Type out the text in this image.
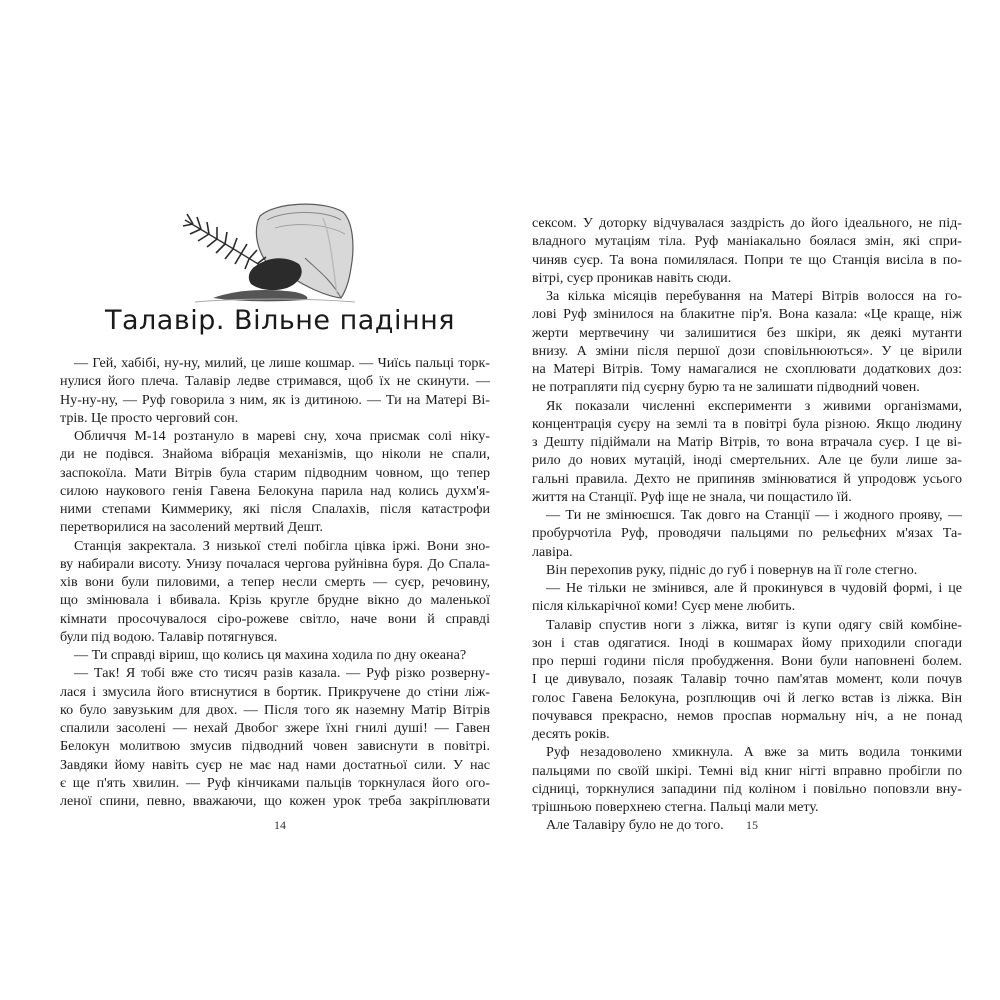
Талавір. Вільне падіння
— Гей, хабібі, ну-ну, милий, це лише кошмар. — Чиїсь пальці торк-
нулися його плеча. Талавір ледве стримався, щоб їх не скинути. —
Ну-ну-ну, — Руф говорила з ним, як із дитиною. — Ти на Матері Ві-
трів. Це просто черговий сон.
Обличчя М-14 розтануло в мареві сну, хоча присмак солі ніку-
ди не подівся. Знайома вібрація механізмів, що ніколи не спали,
заспокоїла. Мати Вітрів була старим підводним човном, що тепер
силою наукового генія Гавена Белокуна парила над колись духм'я-
ними степами Киммерику, які після Спалахів, після катастрофи
перетворилися на засолений мертвий Дешт.
Станція закректала. З низької стелі побігла цівка іржі. Вони зно-
ву набирали висоту. Унизу почалася чергова руйнівна буря. До Спала-
хів вони були пиловими, а тепер несли смерть — суєр, речовину,
що змінювала і вбивала. Крізь кругле брудне вікно до маленької
кімнати просочувалося сіро-рожеве світло, наче вони й справді
були під водою. Талавір потягнувся.
— Ти справді віриш, що колись ця махина ходила по дну океана?
— Так! Я тобі вже сто тисяч разів казала. — Руф різко розверну-
лася і змусила його втиснутися в бортик. Прикручене до стіни ліж-
ко було завузьким для двох. — Після того як наземну Матір Вітрів
спалили засолені — нехай Двобог зжере їхні гнилі душі! — Гавен
Белокун молитвою змусив підводний човен зависнути в повітрі.
Завдяки йому навіть суєр не має над нами достатньої сили. У нас
є ще п'ять хвилин. — Руф кінчиками пальців торкнулася його ого-
леної спини, певно, вважаючи, що кожен урок треба закріплювати
14
сексом. У доторку відчувалася заздрість до його ідеального, не під-
владного мутаціям тіла. Руф маніакально боялася змін, які спри-
чиняв суєр. Та вона помилялася. Попри те що Станція висіла в по-
вітрі, суєр проникав навіть сюди.
За кілька місяців перебування на Матері Вітрів волосся на го-
лові Руф змінилося на блакитне пір'я. Вона казала: «Це краще, ніж
жерти мертвечину чи залишитися без шкіри, як деякі мутанти
внизу. А зміни після першої дози сповільнюються». У це вірили
на Матері Вітрів. Тому намагалися не схоплювати додаткових доз:
не потрапляти під суєрну бурю та не залишати підводний човен.
Як показали численні експерименти з живими організмами,
концентрація суєру на землі та в повітрі була різною. Якщо людину
з Дешту підіймали на Матір Вітрів, то вона втрачала суєр. І це ві-
рило до нових мутацій, іноді смертельних. Але це були лише за-
гальні правила. Дехто не припиняв змінюватися й упродовж усього
життя на Станції. Руф іще не знала, чи пощастило їй.
— Ти не змінюєшся. Так довго на Станції — і жодного прояву, —
пробурчотіла Руф, проводячи пальцями по рельєфних м'язах Та-
лавіра.
Він перехопив руку, підніс до губ і повернув на її голе стегно.
— Не тільки не змінився, але й прокинувся в чудовій формі, і це
після кількарічної коми! Суєр мене любить.
Талавір спустив ноги з ліжка, витяг із купи одягу свій комбіне-
зон і став одягатися. Іноді в кошмарах йому приходили спогади
про перші години після пробудження. Вони були наповнені болем.
І це дивувало, позаяк Талавір точно пам'ятав момент, коли почув
голос Гавена Белокуна, розплющив очі й легко встав із ліжка. Він
почувався прекрасно, немов проспав нормальну ніч, а не понад
десять років.
Руф незадоволено хмикнула. А вже за мить водила тонкими
пальцями по своїй шкірі. Темні від книг нігті вправно пробігли по
сідниці, торкнулися западини під коліном і повільно поповзли вну-
трішньою поверхнею стегна. Пальці мали мету.
Але Талавіру було не до того.	15
